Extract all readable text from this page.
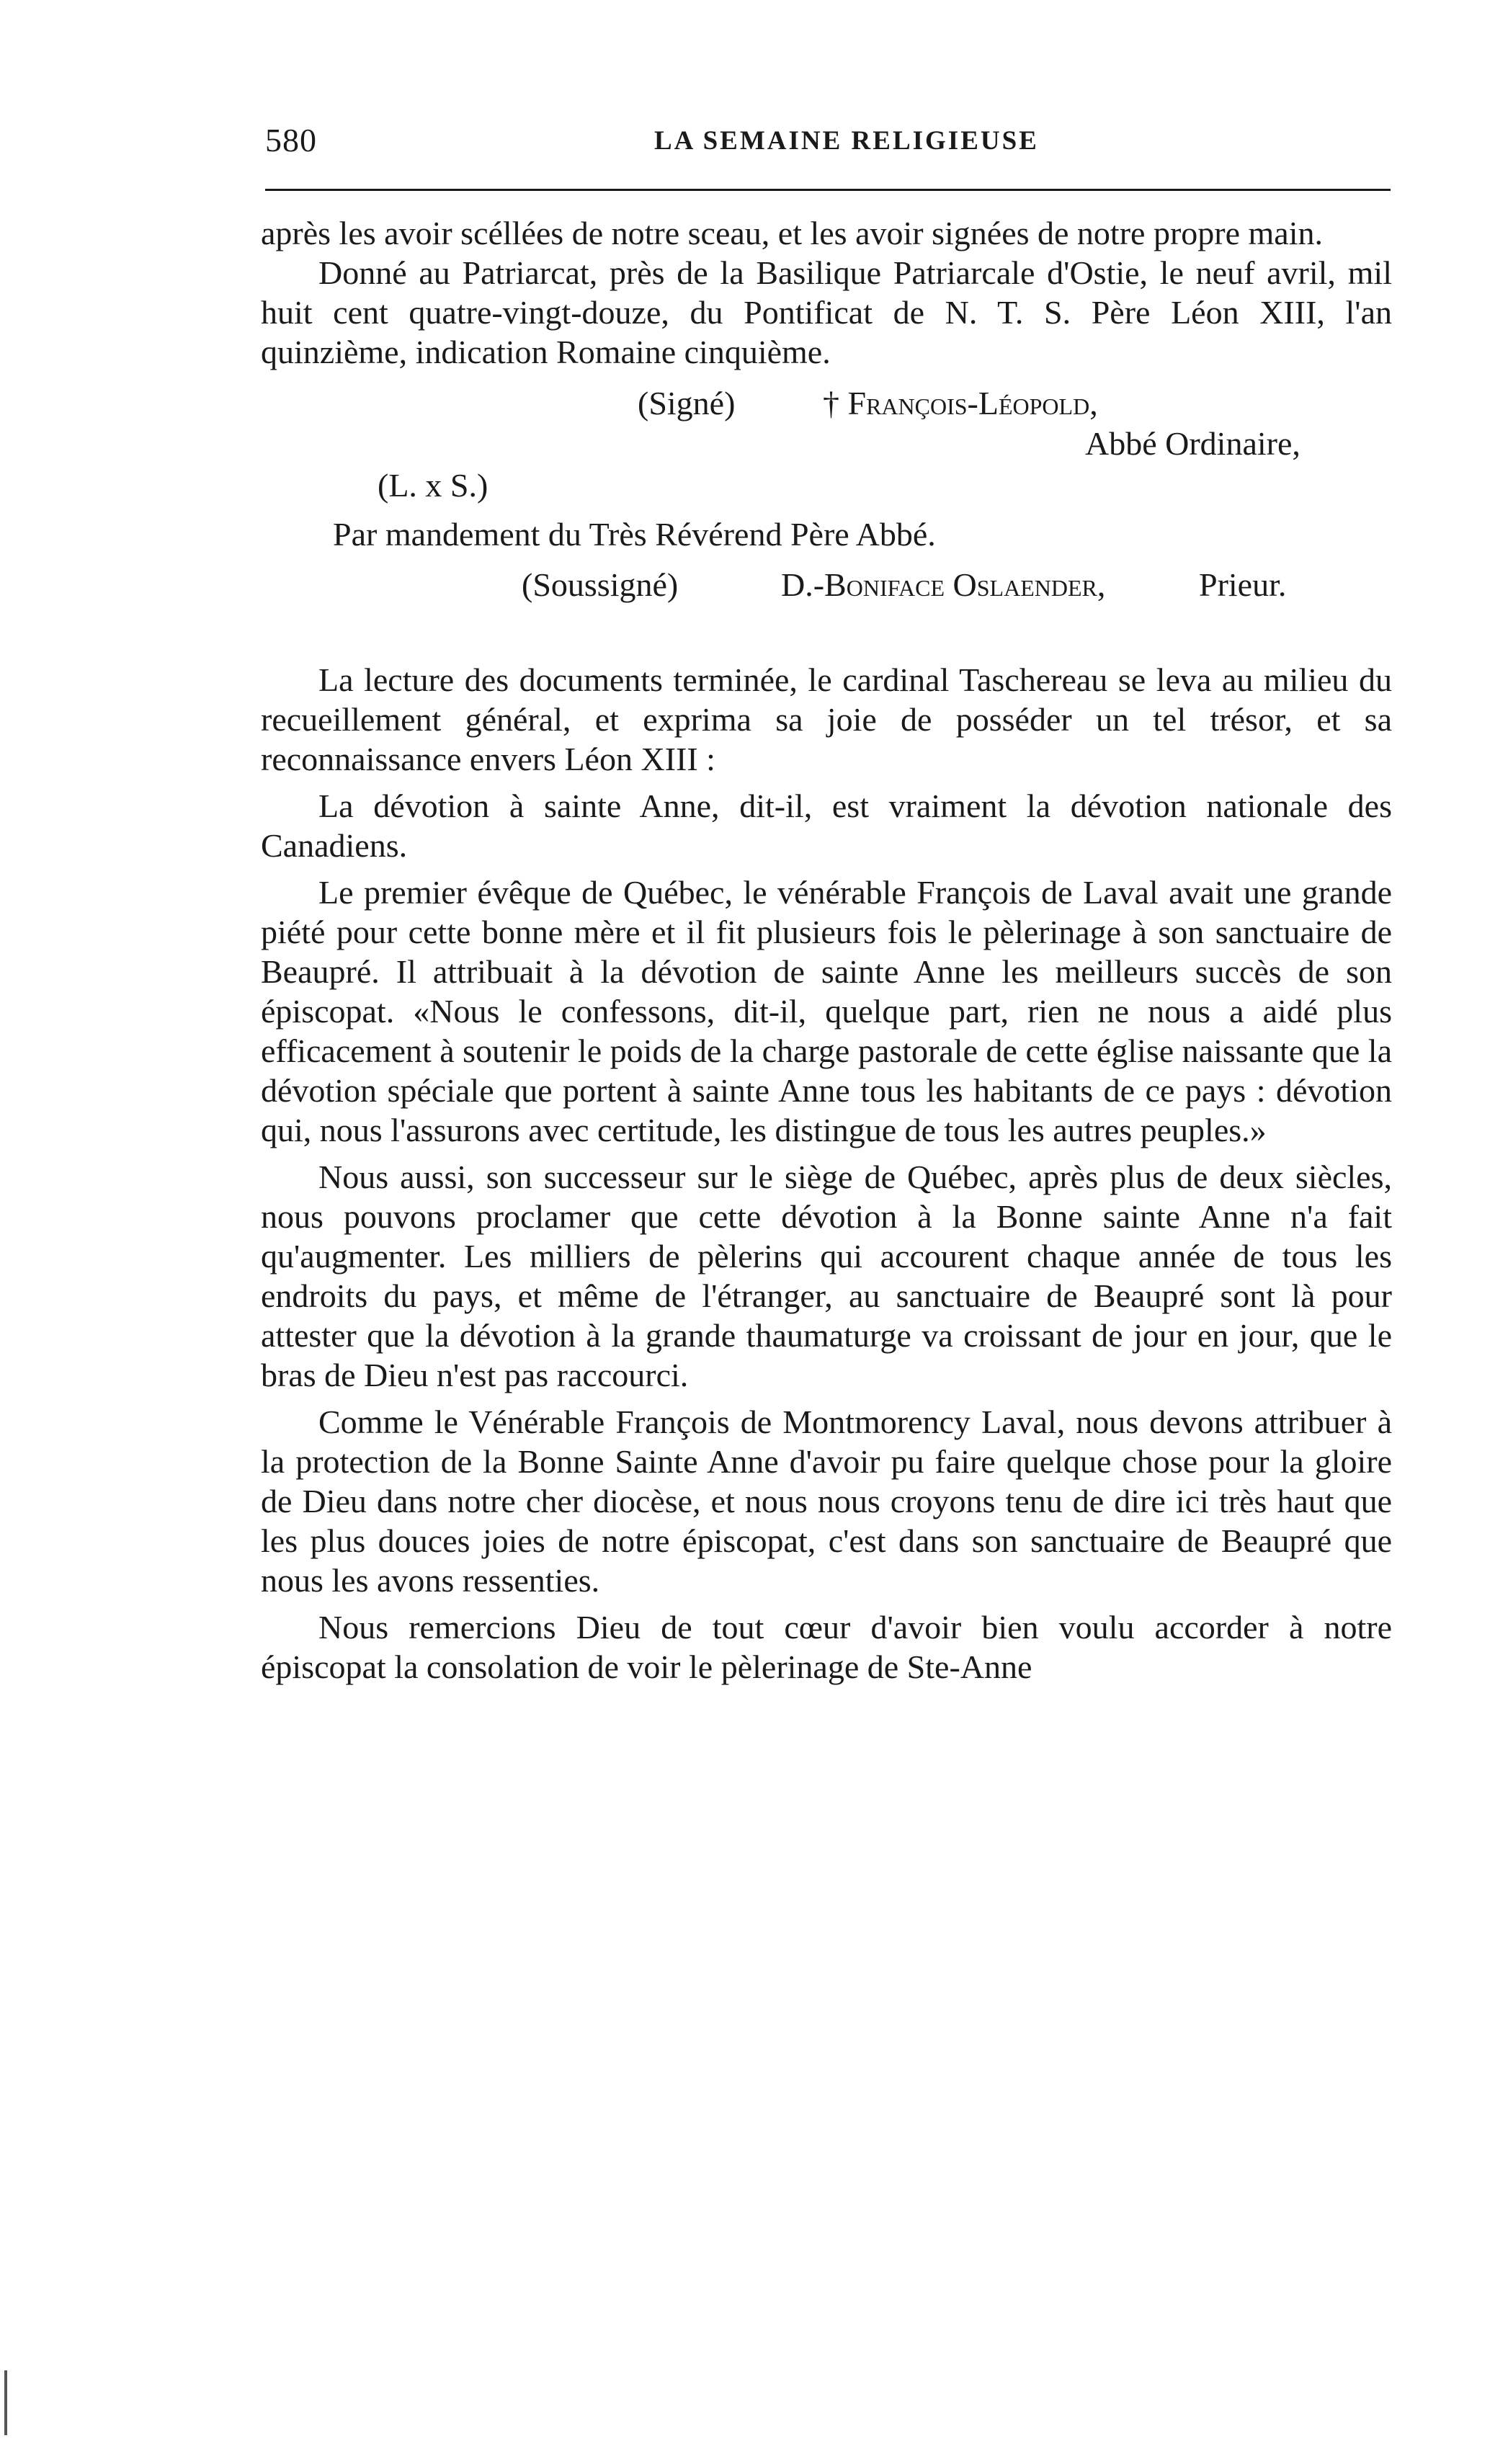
580	LA SEMAINE RELIGIEUSE

après les avoir scéllées de notre sceau, et les avoir signées de notre propre main.

Donné au Patriarcat, près de la Basilique Patriarcale d'Ostie, le neuf avril, mil huit cent quatre-vingt-douze, du Pontificat de N. T. S. Père Léon XIII, l'an quinzième, indication Romaine cinquième.

(Signé)	† François-Léopold,
Abbé Ordinaire,
(L. x S.)
Par mandement du Très Révérend Père Abbé.
(Soussigné)	D.-Boniface Oslaender,	Prieur.

La lecture des documents terminée, le cardinal Taschereau se leva au milieu du recueillement général, et exprima sa joie de posséder un tel trésor, et sa reconnaissance envers Léon XIII :

La dévotion à sainte Anne, dit-il, est vraiment la dévotion nationale des Canadiens.

Le premier évêque de Québec, le vénérable François de Laval avait une grande piété pour cette bonne mère et il fit plusieurs fois le pèlerinage à son sanctuaire de Beaupré. Il attribuait à la dévotion de sainte Anne les meilleurs succès de son épiscopat. «Nous le confessons, dit-il, quelque part, rien ne nous a aidé plus efficacement à soutenir le poids de la charge pastorale de cette église naissante que la dévotion spéciale que portent à sainte Anne tous les habitants de ce pays : dévotion qui, nous l'assurons avec certitude, les distingue de tous les autres peuples.»

Nous aussi, son successeur sur le siège de Québec, après plus de deux siècles, nous pouvons proclamer que cette dévotion à la Bonne sainte Anne n'a fait qu'augmenter. Les milliers de pèlerins qui accourent chaque année de tous les endroits du pays, et même de l'étranger, au sanctuaire de Beaupré sont là pour attester que la dévotion à la grande thaumaturge va croissant de jour en jour, que le bras de Dieu n'est pas raccourci.

Comme le Vénérable François de Montmorency Laval, nous devons attribuer à la protection de la Bonne Sainte Anne d'avoir pu faire quelque chose pour la gloire de Dieu dans notre cher diocèse, et nous nous croyons tenu de dire ici très haut que les plus douces joies de notre épiscopat, c'est dans son sanctuaire de Beaupré que nous les avons ressenties.

Nous remercions Dieu de tout cœur d'avoir bien voulu accorder à notre épiscopat la consolation de voir le pèlerinage de Ste-Anne
